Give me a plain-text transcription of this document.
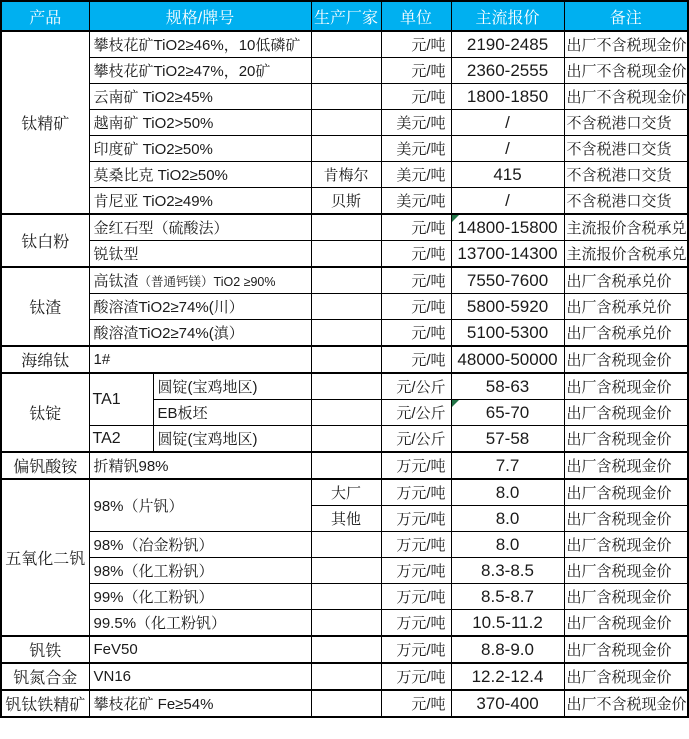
产品	规格/牌号		生产厂家	单位	主流报价	备注
钛精矿	攀枝花矿TiO2≥46%，10低磷矿			元/吨	2190-2485	出厂不含税现金价
	攀枝花矿TiO2≥47%，20矿			元/吨	2360-2555	出厂不含税现金价
	云南矿 TiO2≥45%			元/吨	1800-1850	出厂不含税现金价
	越南矿 TiO2>50%			美元/吨	/	不含税港口交货
	印度矿 TiO2≥50%			美元/吨	/	不含税港口交货
	莫桑比克 TiO2≥50%		肯梅尔	美元/吨	415	不含税港口交货
	肯尼亚 TiO2≥49%		贝斯	美元/吨	/	不含税港口交货
钛白粉	金红石型（硫酸法）			元/吨	14800-15800	主流报价含税承兑
	锐钛型			元/吨	13700-14300	主流报价含税承兑
钛渣	高钛渣（普通钙镁）TiO2 ≥90%			元/吨	7550-7600	出厂含税承兑价
	酸溶渣TiO2≥74%(川）			元/吨	5800-5920	出厂含税承兑价
	酸溶渣TiO2≥74%(滇）			元/吨	5100-5300	出厂含税承兑价
海绵钛	1#			元/吨	48000-50000	出厂含税现金价
钛锭	TA1	圆锭(宝鸡地区)		元/公斤	58-63	出厂含税现金价
		EB板坯		元/公斤	65-70	出厂含税现金价
	TA2	圆锭(宝鸡地区)		元/公斤	57-58	出厂含税现金价
偏钒酸铵	折精钒98%			万元/吨	7.7	出厂含税现金价
五氧化二钒	98%（片钒）		大厂	万元/吨	8.0	出厂含税现金价
			其他	万元/吨	8.0	出厂含税现金价
	98%（冶金粉钒）			万元/吨	8.0	出厂含税现金价
	98%（化工粉钒）			万元/吨	8.3-8.5	出厂含税现金价
	99%（化工粉钒）			万元/吨	8.5-8.7	出厂含税现金价
	99.5%（化工粉钒）			万元/吨	10.5-11.2	出厂含税现金价
钒铁	FeV50			万元/吨	8.8-9.0	出厂含税现金价
钒氮合金	VN16			万元/吨	12.2-12.4	出厂含税现金价
钒钛铁精矿	攀枝花矿 Fe≥54%			元/吨	370-400	出厂不含税现金价
